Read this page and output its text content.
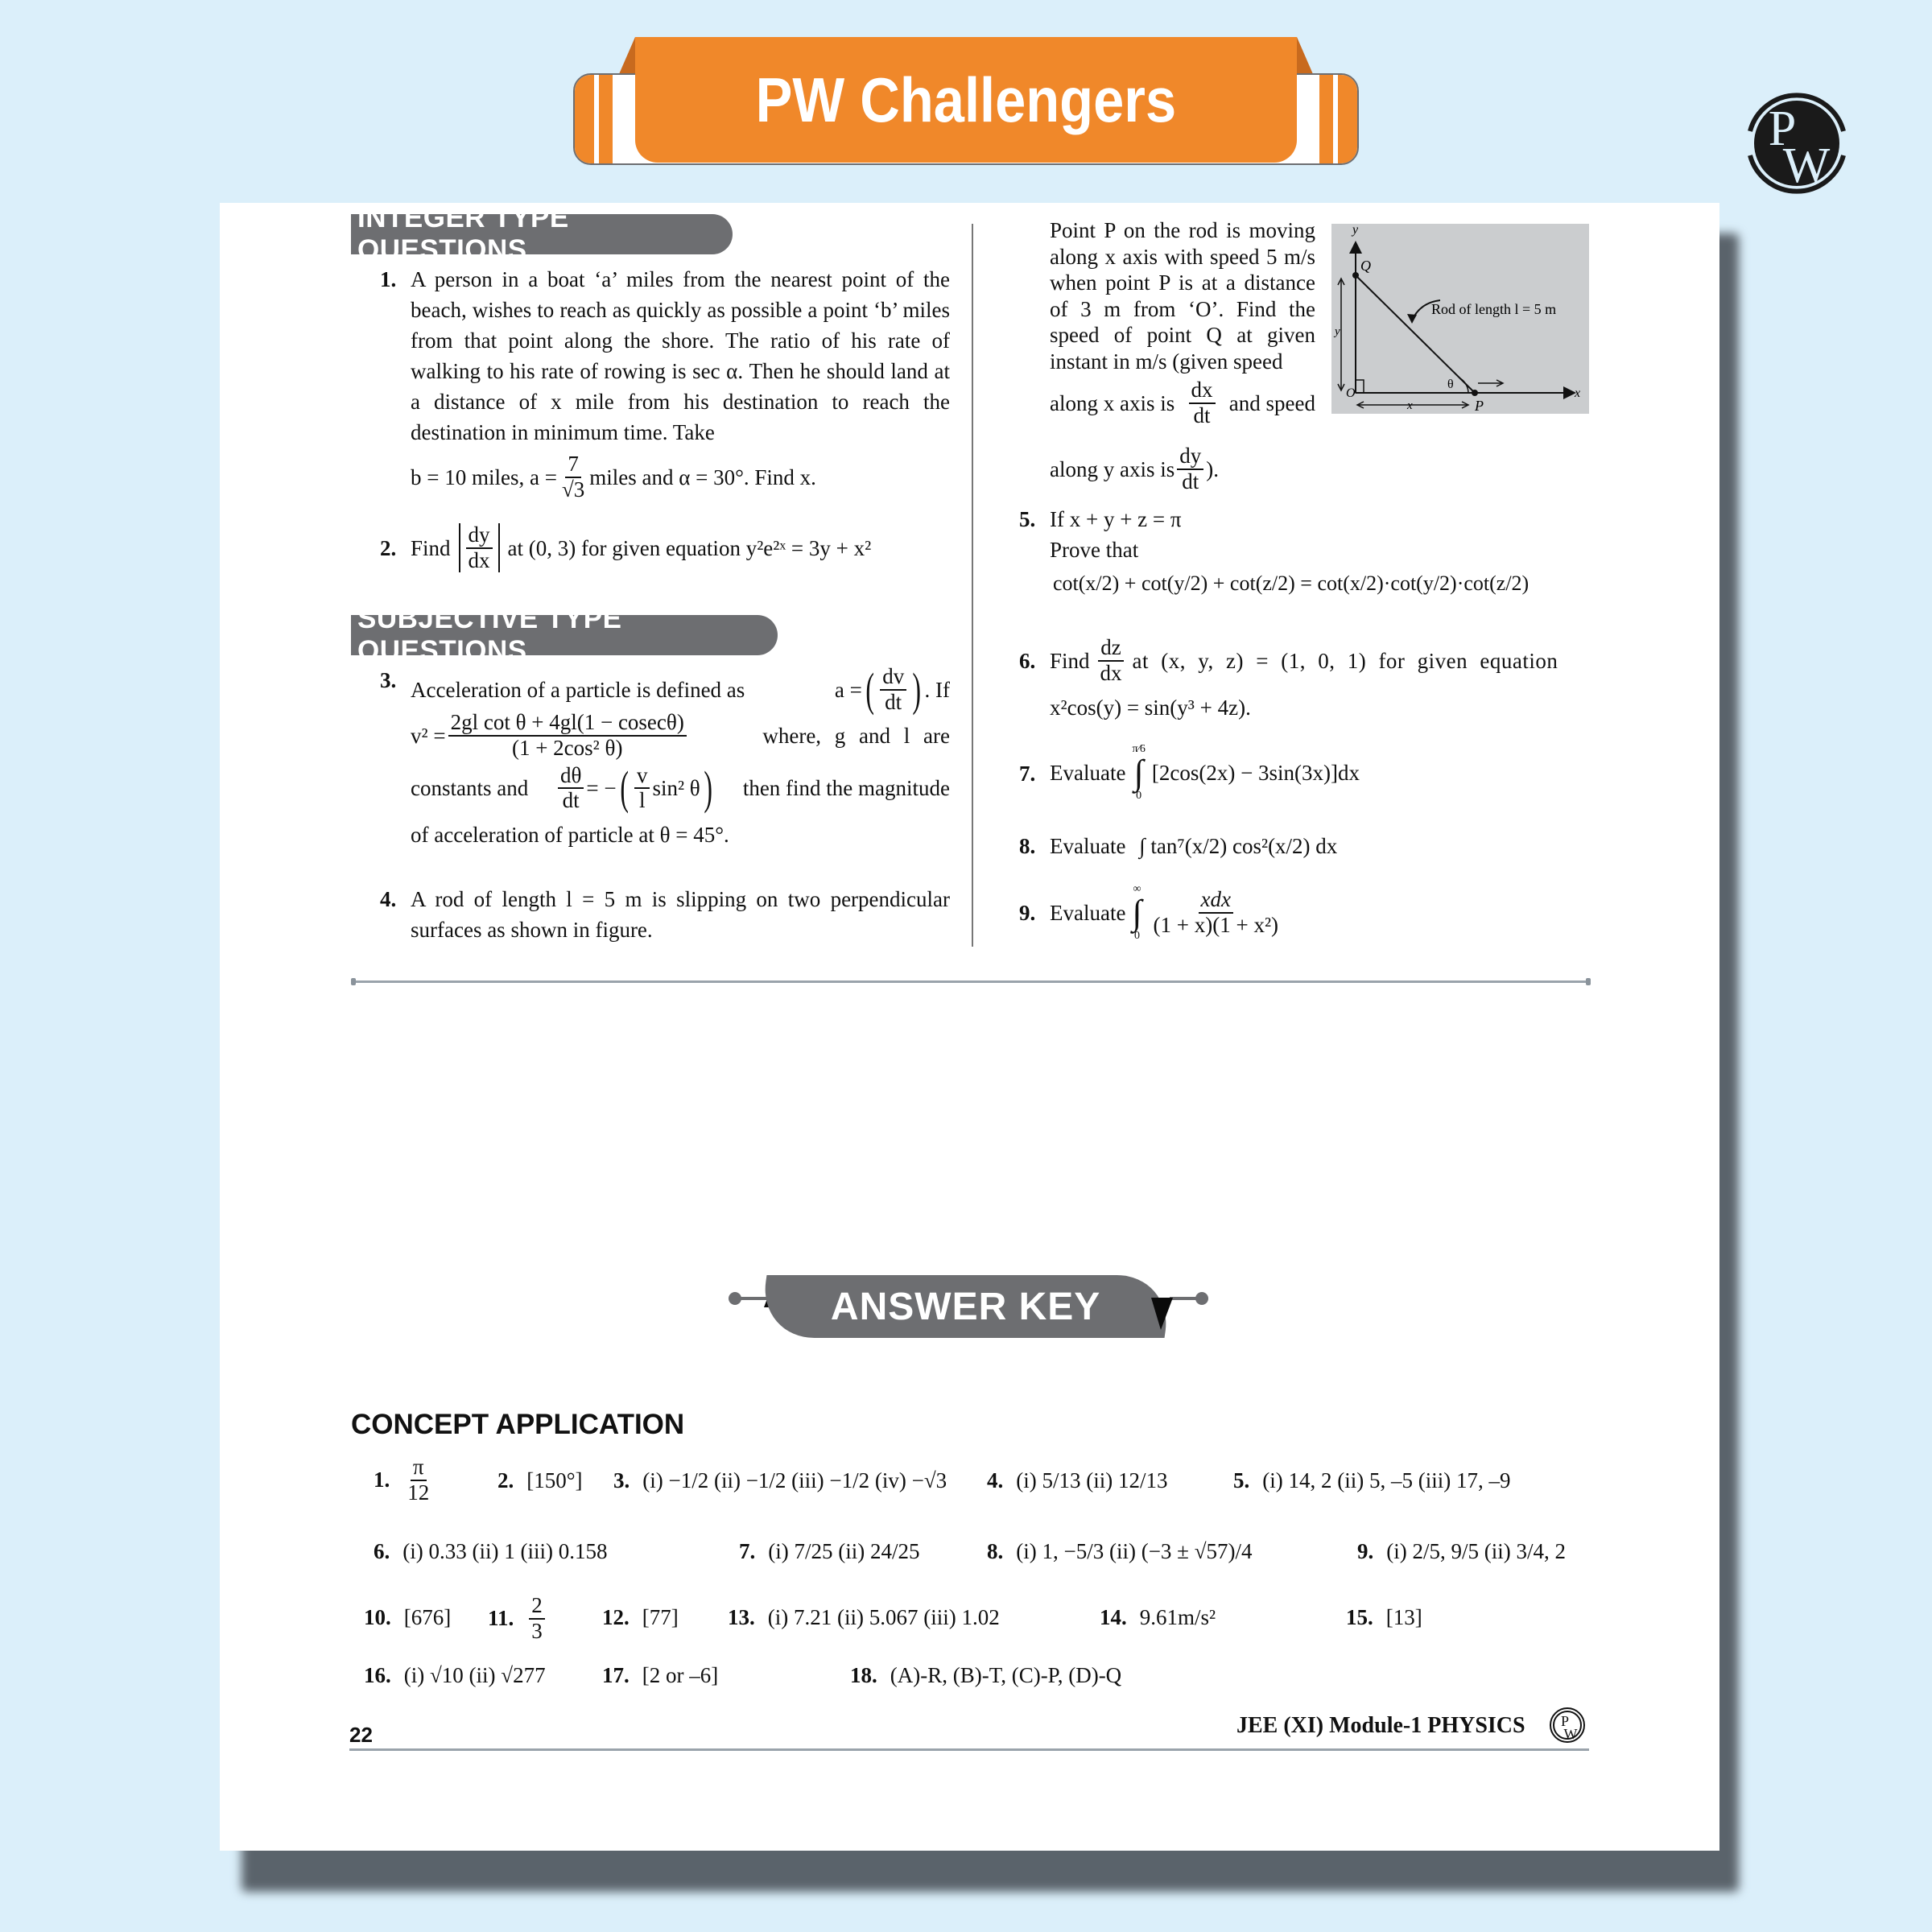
PW Challengers	P
W
INTEGER TYPE QUESTIONS
1. A person in a boat ‘a’ miles from the nearest point of the beach, wishes to reach as quickly as possible a point ‘b’ miles from that point along the shore. The ratio of his rate of walking to his rate of rowing is sec α. Then he should land at a distance of x mile from his destination to reach the destination in minimum time. Take
b = 10 miles, $a = \frac{7}{√3}$ miles and α = 30°. Find x.
2. Find $\frac{dy}{dx}$ at (0, 3) for given equation y²e²ˣ = 3y + x²
SUBJECTIVE TYPE QUESTIONS
3. Acceleration of a particle is defined as	a = ( $\frac{dv}{dt}$ ) . If
$v^2 = \frac{\text{2gl cot θ + 4gl(1 − cosecθ)}}{\text{(1 + 2cos² θ)}}$	where, g and l are
constants and $\frac{d\theta}{dt}$ = − ( $\frac{v}{l} \sin^2$ θ ) then find the magnitude
of acceleration of particle at θ = 45°.
4. A rod of length l = 5 m is slipping on two perpendicular surfaces as shown in figure.
Point P on the rod is moving along x axis with speed 5 m/s when point P is at a distance of 3 m from ‘O’. Find the speed of point Q at given instant in m/s (given speed
along x axis is $\frac{dx}{dt}$ and speed
along y axis is $\frac{dy}{dt}$ ).
y
Q
O
P
x
θ
y
x
Rod of length l = 5 m
5. If x + y + z = π
Prove that
cot(x/2) + cot(y/2) + cot(z/2) = cot(x/2)·cot(y/2)·cot(z/2)
6. Find $\frac{dz}{dx}$ at (x, y, z) = (1, 0, 1) for given equation
x²cos(y) = sin(y³ + 4z).
7. Evaluate
π⁄6
∫
0
[2cos(2x) − 3sin(3x)]dx
8. Evaluate ∫ tan⁷(x/2) cos²(x/2) dx
9. Evaluate
∞
∫
$0 \frac{\text{xdx}}{\text{(1 + x)(1 + x²)}}$
ANSWER KEY
CONCEPT APPLICATION
1. $\frac{\pi}{12}$	2. [150°] 3. (i) −1/2 (ii) −1/2 (iii) −1/2 (iv) −√3 4. (i) 5/13 (ii) 12/13	5. (i) 14, 2 (ii) 5, –5 (iii) 17, –9
6. (i) 0.33 (ii) 1 (iii) 0.158	7. (i) 7/25 (ii) 24/25	8. (i) 1, −5/3 (ii) (−3 ± √57)/4	9. (i) 2/5, 9/5 (ii) 3/4, 2
10. [676] 11. $\frac{2}{3}$	12. [77] 13. (i) 7.21 (ii) 5.067 (iii) 1.02	14. 9.61m/s²	15. [13]
16. (i) √10 (ii) √277	17. [2 or –6]	18. (A)-R, (B)-T, (C)-P, (D)-Q
22	JEE (XI) Module-1 PHYSICS P
W
